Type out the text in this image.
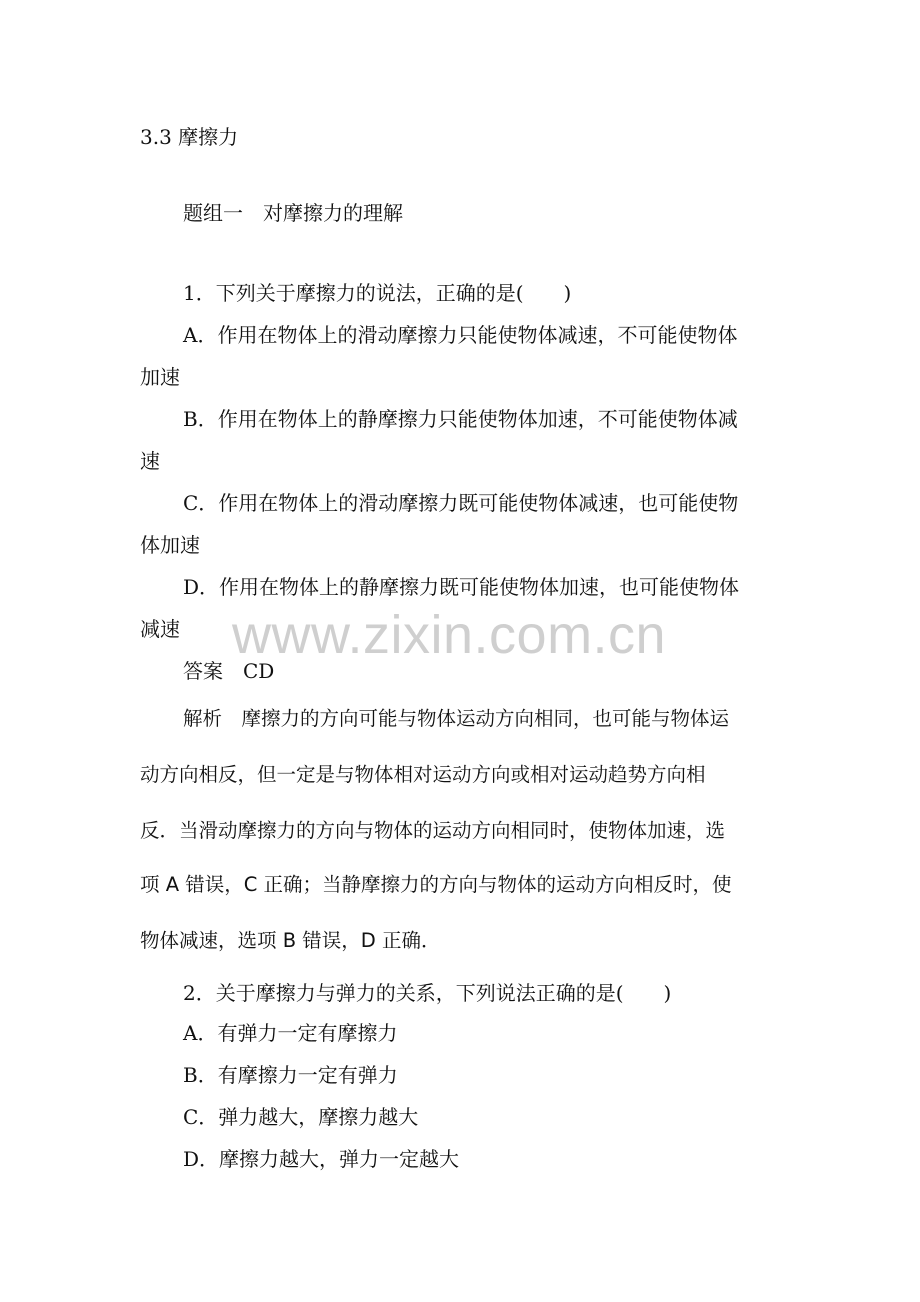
3.3 摩擦力
题组一　对摩擦力的理解
1．下列关于摩擦力的说法，正确的是(　　)
A．作用在物体上的滑动摩擦力只能使物体减速，不可能使物体
加速
B．作用在物体上的静摩擦力只能使物体加速，不可能使物体减
速
C．作用在物体上的滑动摩擦力既可能使物体减速，也可能使物
体加速
D．作用在物体上的静摩擦力既可能使物体加速，也可能使物体
减速
答案　CD
解析　摩擦力的方向可能与物体运动方向相同，也可能与物体运
动方向相反，但一定是与物体相对运动方向或相对运动趋势方向相
反．当滑动摩擦力的方向与物体的运动方向相同时，使物体加速，选
项 A 错误，C 正确；当静摩擦力的方向与物体的运动方向相反时，使
物体减速，选项 B 错误，D 正确．
2．关于摩擦力与弹力的关系，下列说法正确的是(　　)
A．有弹力一定有摩擦力
B．有摩擦力一定有弹力
C．弹力越大，摩擦力越大
D．摩擦力越大，弹力一定越大
www.zixin.com.cn
